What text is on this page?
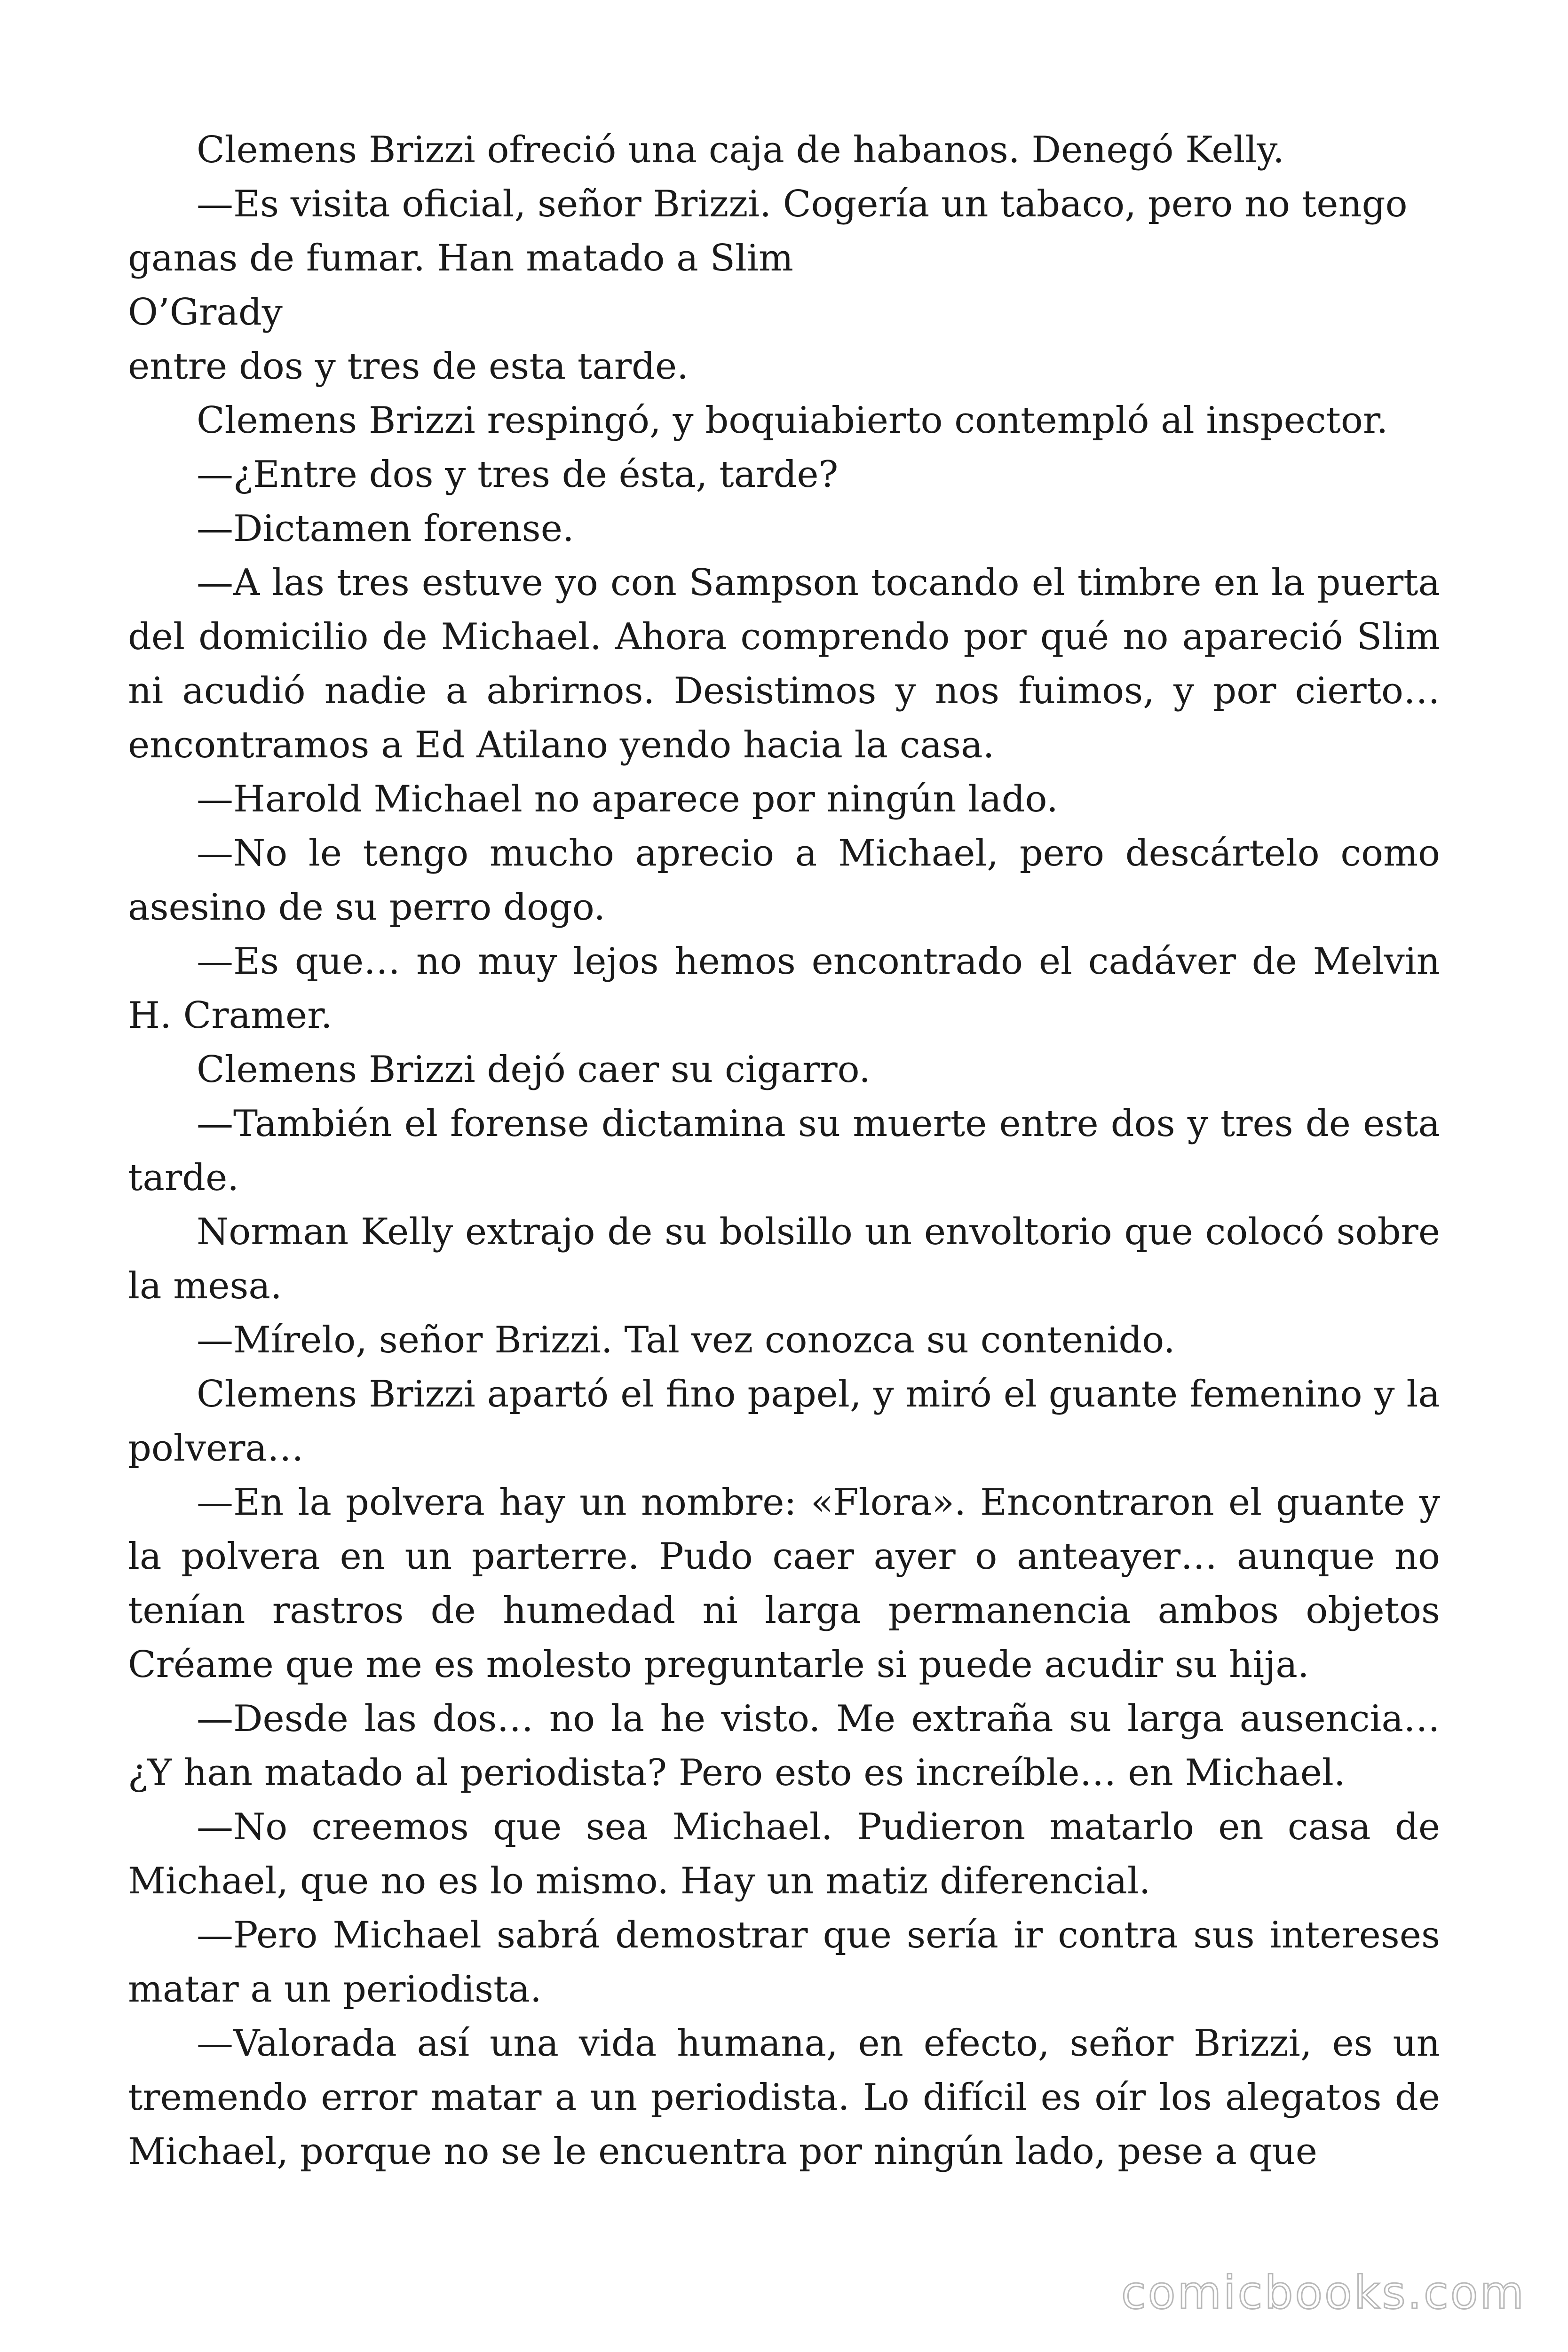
Clemens Brizzi ofreció una caja de habanos. Denegó Kelly.

—Es visita oficial, señor Brizzi. Cogería un tabaco, pero no tengo ganas de fumar. Han matado a Slim

O’Grady

entre dos y tres de esta tarde.

Clemens Brizzi respingó, y boquiabierto contempló al inspector.

—¿Entre dos y tres de ésta, tarde?

—Dictamen forense.

—A las tres estuve yo con Sampson tocando el timbre en la puerta del domicilio de Michael. Ahora comprendo por qué no apareció Slim ni acudió nadie a abrirnos. Desistimos y nos fuimos, y por cierto… encontramos a Ed Atilano yendo hacia la casa.

—Harold Michael no aparece por ningún lado.

—No le tengo mucho aprecio a Michael, pero descártelo como asesino de su perro dogo.

—Es que… no muy lejos hemos encontrado el cadáver de Melvin H. Cramer.

Clemens Brizzi dejó caer su cigarro.

—También el forense dictamina su muerte entre dos y tres de esta tarde.

Norman Kelly extrajo de su bolsillo un envoltorio que colocó sobre la mesa.

—Mírelo, señor Brizzi. Tal vez conozca su contenido.

Clemens Brizzi apartó el fino papel, y miró el guante femenino y la polvera…

—En la polvera hay un nombre: «Flora». Encontraron el guante y la polvera en un parterre. Pudo caer ayer o anteayer… aunque no tenían rastros de humedad ni larga permanencia ambos objetos Créame que me es molesto preguntarle si puede acudir su hija.

—Desde las dos… no la he visto. Me extraña su larga ausencia… ¿Y han matado al periodista? Pero esto es increíble… en Michael.

—No creemos que sea Michael. Pudieron matarlo en casa de Michael, que no es lo mismo. Hay un matiz diferencial.

—Pero Michael sabrá demostrar que sería ir contra sus intereses matar a un periodista.

—Valorada así una vida humana, en efecto, señor Brizzi, es un tremendo error matar a un periodista. Lo difícil es oír los alegatos de Michael, porque no se le encuentra por ningún lado, pese a que

comicbooks.com
